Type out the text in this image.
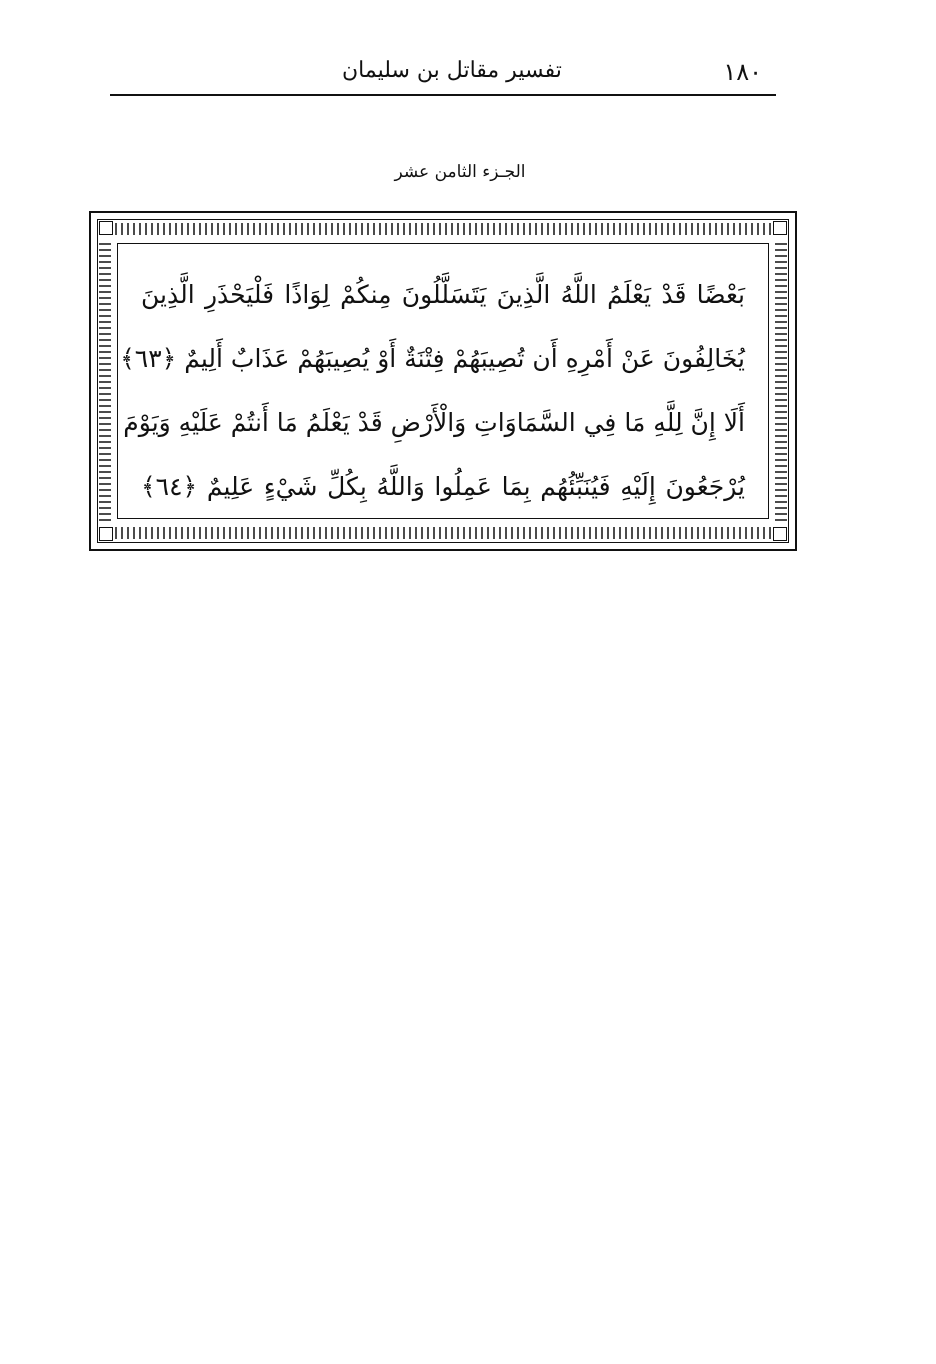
١٨٠
تفسير مقاتل بن سليمان
الجـزء الثامن عشر
بَعْضًا قَدْ يَعْلَمُ اللَّهُ الَّذِينَ يَتَسَلَّلُونَ مِنكُمْ لِوَاذًا فَلْيَحْذَرِ الَّذِينَ
يُخَالِفُونَ عَنْ أَمْرِهِ أَن تُصِيبَهُمْ فِتْنَةٌ أَوْ يُصِيبَهُمْ عَذَابٌ أَلِيمٌ ﴿٦٣﴾
أَلَا إِنَّ لِلَّهِ مَا فِي السَّمَاوَاتِ وَالْأَرْضِ قَدْ يَعْلَمُ مَا أَنتُمْ عَلَيْهِ وَيَوْمَ
يُرْجَعُونَ إِلَيْهِ فَيُنَبِّئُهُم بِمَا عَمِلُوا وَاللَّهُ بِكُلِّ شَيْءٍ عَلِيمٌ ﴿٦٤﴾
